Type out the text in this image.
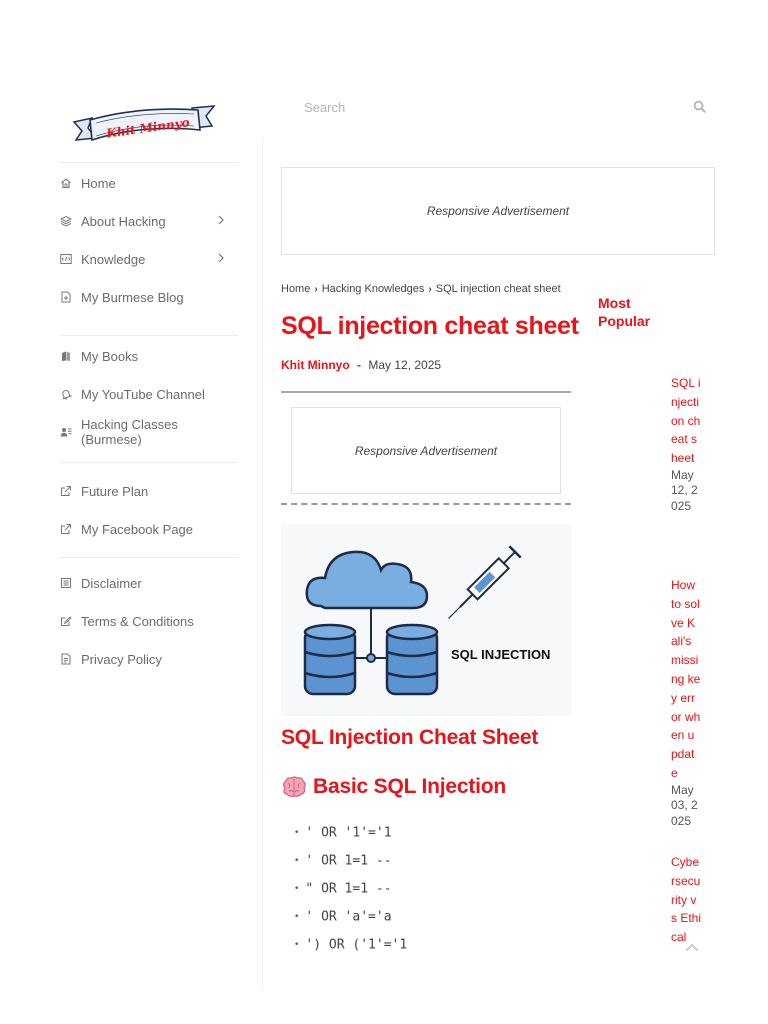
Khit Minnyo
Search
Home
About Hacking
Knowledge
My Burmese Blog
My Books
My YouTube Channel
Hacking Classes (Burmese)
Future Plan
My Facebook Page
Disclaimer
Terms & Conditions
Privacy Policy
Responsive Advertisement
Home › Hacking Knowledges › SQL injection cheat sheet
SQL injection cheat sheet
Khit Minnyo - May 12, 2025
Responsive Advertisement
SQL INJECTION
SQL Injection Cheat Sheet
Basic SQL Injection
• ' OR '1'='1
• ' OR 1=1 --
• " OR 1=1 --
• ' OR 'a'='a
• ') OR ('1'='1
Most Popular
SQL injection cheat sheet
May 12, 2025
How to solve Kali's missing key error when update
May 03, 2025
Cybersecurity vs Ethical
